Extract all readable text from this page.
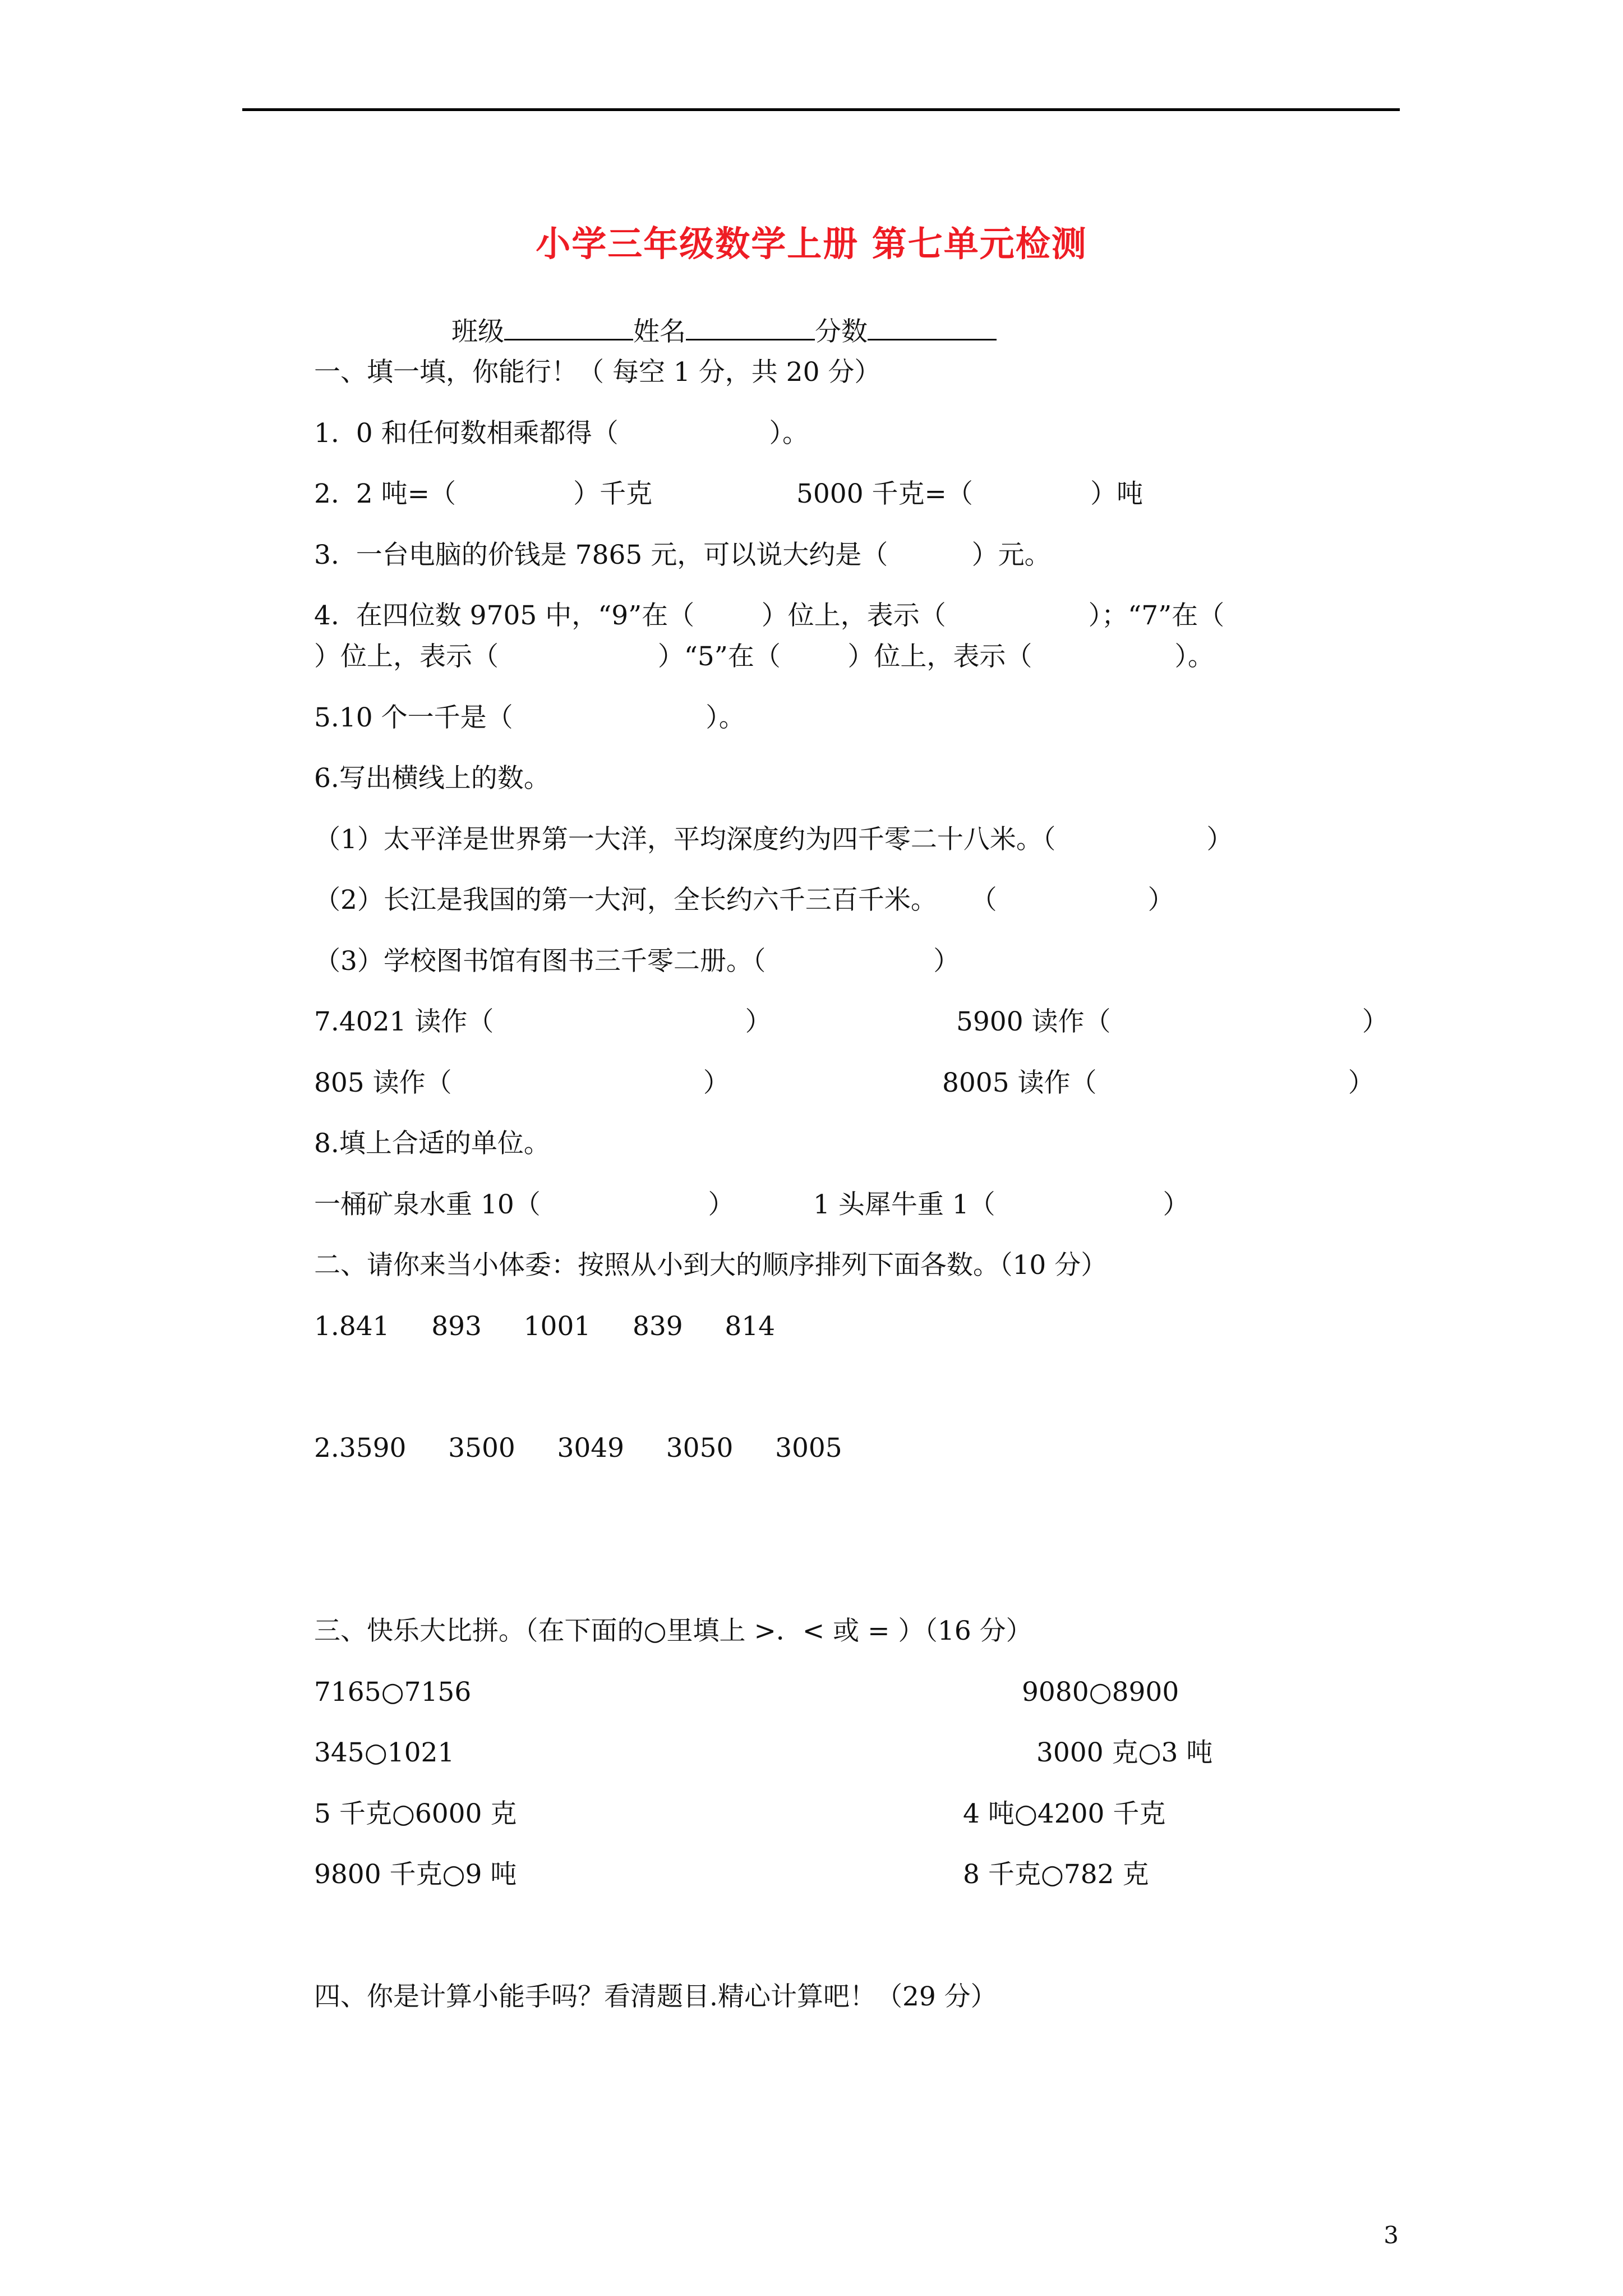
小学三年级数学上册 第七单元检测
班级	姓名	分数
一、填一填，你能行！（ 每空 1 分，共 20 分）
1.  0 和任何数相乘都得（                  ）。
2.  2 吨=（              ）千克	5000 千克=（              ）吨
3.  一台电脑的价钱是 7865 元，可以说大约是（          ）元。
4.  在四位数 9705 中，“9”在（        ）位上，表示（                 ）；“7”在（
）位上，表示（                   ）“5”在（        ）位上，表示（                 ）。
5.10 个一千是（                       ）。
6.写出横线上的数。
（1）太平洋是世界第一大洋，平均深度约为四千零二十八米。（                  ）
（2）长江是我国的第一大河，全长约六千三百千米。    （                  ）
（3）学校图书馆有图书三千零二册。（                    ）
7.4021 读作（                              ）	5900 读作（                              ）
805 读作（                              ）	8005 读作（                              ）
8.填上合适的单位。
一桶矿泉水重 10（                    ）	1 头犀牛重 1（                    ）
二、请你来当小体委：按照从小到大的顺序排列下面各数。（10 分）
1.841     893     1001     839     814
2.3590     3500     3049     3050     3005
三、快乐大比拼。（在下面的○里填上 >．< 或 = ）（16 分）
7165○7156	9080○8900
345○1021	3000 克○3 吨
5 千克○6000 克	4 吨○4200 千克
9800 千克○9 吨	8 千克○782 克
四、你是计算小能手吗？看清题目.精心计算吧！（29 分）
3
